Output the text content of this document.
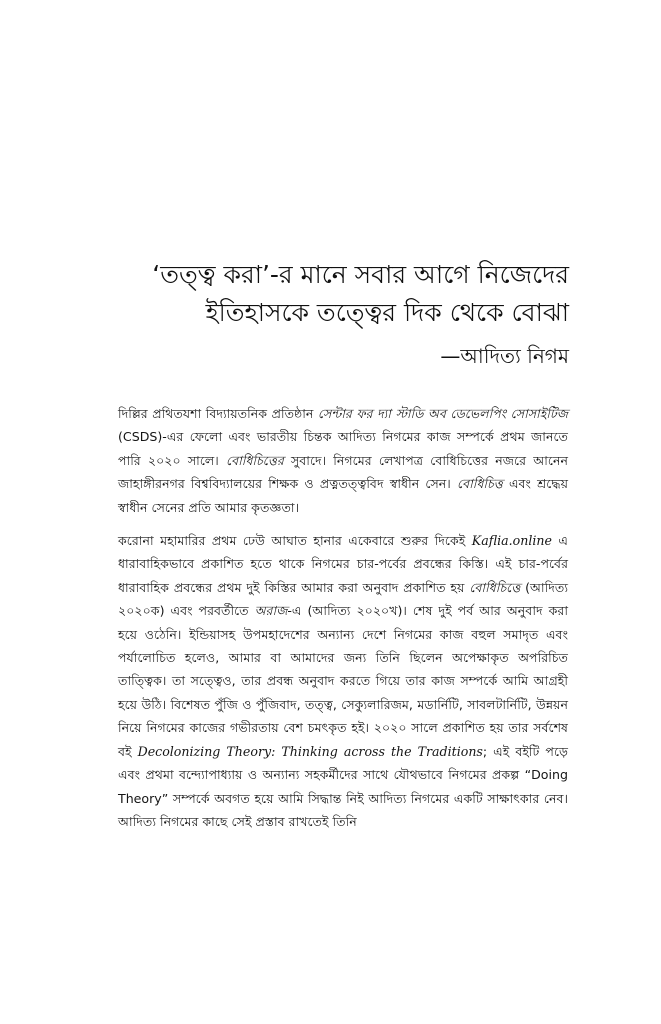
‘তত্ত্ব করা’-র মানে সবার আগে নিজেদের
ইতিহাসকে তত্ত্বের দিক থেকে বোঝা
—আদিত্য নিগম

দিল্লির প্রথিতযশা বিদ্যায়তনিক প্রতিষ্ঠান সেন্টার ফর দ্যা স্টাডি অব ডেভেলপিং সোসাইটিজ (CSDS)-এর ফেলো এবং ভারতীয় চিন্তক আদিত্য নিগমের কাজ সম্পর্কে প্রথম জানতে পারি ২০২০ সালে। বোধিচিত্তের সুবাদে। নিগমের লেখাপত্র বোধিচিত্তের নজরে আনেন জাহাঙ্গীরনগর বিশ্ববিদ্যালয়ের শিক্ষক ও প্রত্নতত্ত্ববিদ স্বাধীন সেন। বোধিচিত্ত এবং শ্রদ্ধেয় স্বাধীন সেনের প্রতি আমার কৃতজ্ঞতা।

করোনা মহামারির প্রথম ঢেউ আঘাত হানার একেবারে শুরুর দিকেই Kaflia.online এ ধারাবাহিকভাবে প্রকাশিত হতে থাকে নিগমের চার-পর্বের প্রবন্ধের কিস্তি। এই চার-পর্বের ধারাবাহিক প্রবন্ধের প্রথম দুই কিস্তির আমার করা অনুবাদ প্রকাশিত হয় বোধিচিত্তে (আদিত্য ২০২০ক) এবং পরবর্তীতে অরাজ-এ (আদিত্য ২০২০খ)। শেষ দুই পর্ব আর অনুবাদ করা হয়ে ওঠেনি। ইন্ডিয়াসহ উপমহাদেশের অন্যান্য দেশে নিগমের কাজ বহুল সমাদৃত এবং পর্যালোচিত হলেও, আমার বা আমাদের জন্য তিনি ছিলেন অপেক্ষাকৃত অপরিচিত তাত্ত্বিক। তা সত্ত্বেও, তার প্রবন্ধ অনুবাদ করতে গিয়ে তার কাজ সম্পর্কে আমি আগ্রহী হয়ে উঠি। বিশেষত পুঁজি ও পুঁজিবাদ, তত্ত্ব, সেক্যুলারিজম, মডার্নিটি, সাবলটার্নিটি, উন্নয়ন নিয়ে নিগমের কাজের গভীরতায় বেশ চমৎকৃত হই। ২০২০ সালে প্রকাশিত হয় তার সর্বশেষ বই Decolonizing Theory: Thinking across the Traditions; এই বইটি পড়ে এবং প্রথমা বন্দ্যোপাধ্যায় ও অন্যান্য সহকর্মীদের সাথে যৌথভাবে নিগমের প্রকল্প “Doing Theory” সম্পর্কে অবগত হয়ে আমি সিদ্ধান্ত নিই আদিত্য নিগমের একটি সাক্ষাৎকার নেব। আদিত্য নিগমের কাছে সেই প্রস্তাব রাখতেই তিনি
